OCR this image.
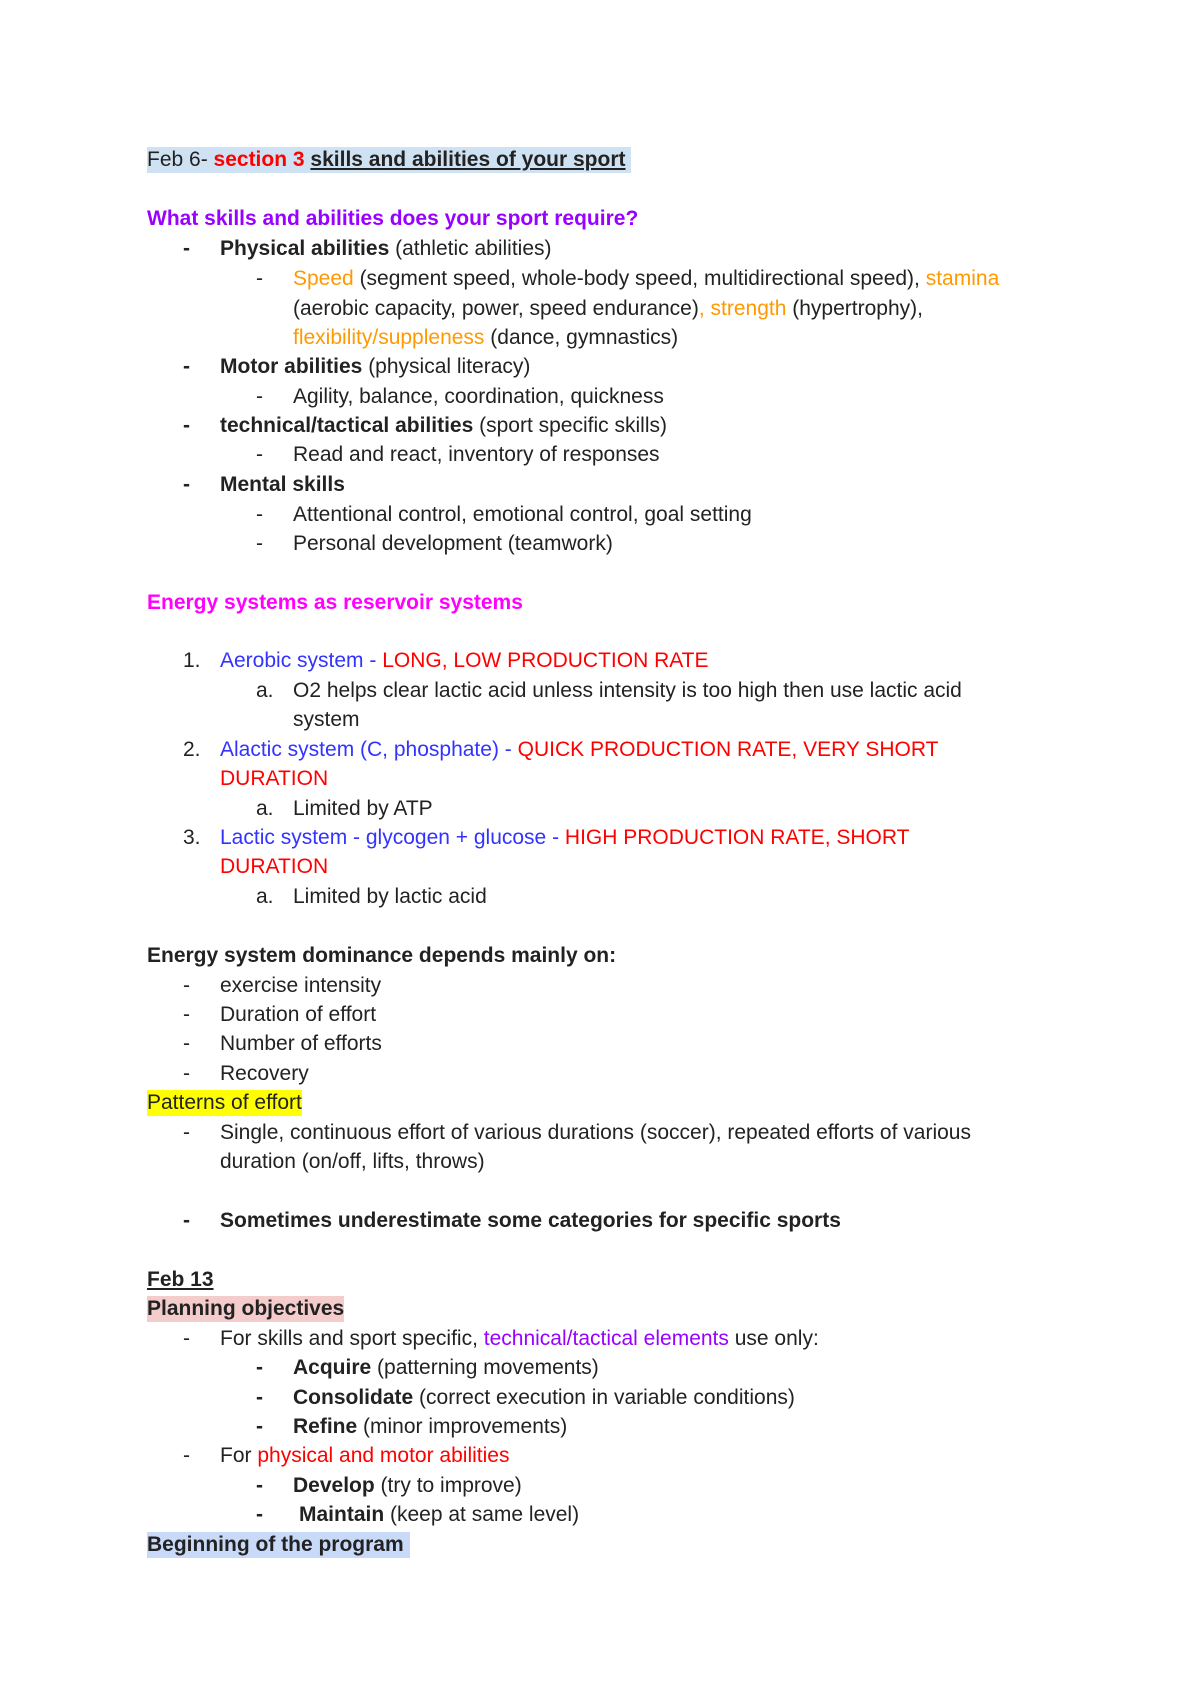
Feb 6- section 3 skills and abilities of your sport
What skills and abilities does your sport require?
- Physical abilities (athletic abilities)
- Speed (segment speed, whole-body speed, multidirectional speed), stamina
(aerobic capacity, power, speed endurance), strength (hypertrophy),
flexibility/suppleness (dance, gymnastics)
- Motor abilities (physical literacy)
- Agility, balance, coordination, quickness
- technical/tactical abilities (sport specific skills)
- Read and react, inventory of responses
- Mental skills
- Attentional control, emotional control, goal setting
- Personal development (teamwork)
Energy systems as reservoir systems
1. Aerobic system - LONG, LOW PRODUCTION RATE
a. O2 helps clear lactic acid unless intensity is too high then use lactic acid
system
2. Alactic system (C, phosphate) - QUICK PRODUCTION RATE, VERY SHORT
DURATION
a. Limited by ATP
3. Lactic system - glycogen + glucose - HIGH PRODUCTION RATE, SHORT
DURATION
a. Limited by lactic acid
Energy system dominance depends mainly on:
- exercise intensity
- Duration of effort
- Number of efforts
- Recovery
Patterns of effort
- Single, continuous effort of various durations (soccer), repeated efforts of various
duration (on/off, lifts, throws)
- Sometimes underestimate some categories for specific sports
Feb 13
Planning objectives
- For skills and sport specific, technical/tactical elements use only:
- Acquire (patterning movements)
- Consolidate (correct execution in variable conditions)
- Refine (minor improvements)
- For physical and motor abilities
- Develop (try to improve)
- Maintain (keep at same level)
Beginning of the program
